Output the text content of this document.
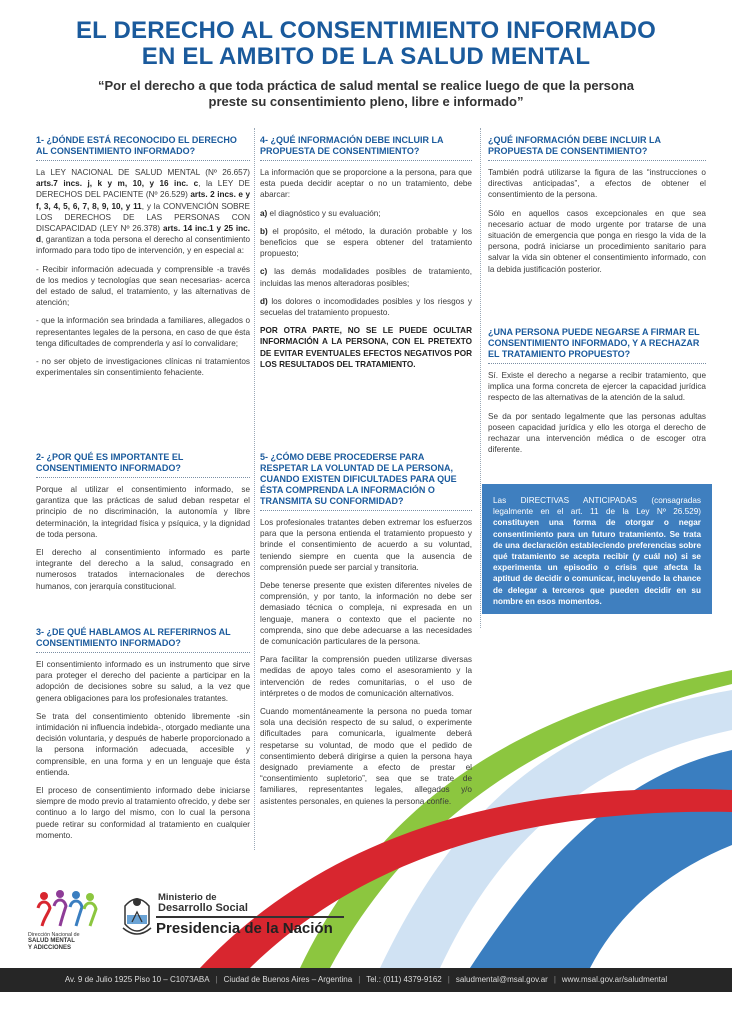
EL DERECHO AL CONSENTIMIENTO INFORMADO
EN EL AMBITO DE LA SALUD MENTAL

“Por el derecho a que toda práctica de salud mental se realice luego de que la persona preste su consentimiento pleno, libre e informado”

1- ¿DÓNDE ESTÁ RECONOCIDO EL DERECHO AL CONSENTIMIENTO INFORMADO?

La LEY NACIONAL DE SALUD MENTAL (Nº 26.657) arts.7 incs. j, k y m, 10, y 16 inc. c, la LEY DE DERECHOS DEL PACIENTE (Nº 26.529) arts. 2 incs. e y f, 3, 4, 5, 6, 7, 8, 9, 10, y 11, y la CONVENCIÓN SOBRE LOS DERECHOS DE LAS PERSONAS CON DISCAPACIDAD (LEY Nº 26.378) arts. 14 inc.1 y 25 inc. d, garantizan a toda persona el derecho al consentimiento informado para todo tipo de intervención, y en especial a:

- Recibir información adecuada y comprensible -a través de los medios y tecnologías que sean necesarias- acerca del estado de salud, el tratamiento, y las alternativas de atención;

- que la información sea brindada a familiares, allegados o representantes legales de la persona, en caso de que ésta tenga dificultades de comprenderla y así lo convalidare;

- no ser objeto de investigaciones clínicas ni tratamientos experimentales sin consentimiento fehaciente.

2- ¿POR QUÉ ES IMPORTANTE EL CONSENTIMIENTO INFORMADO?

Porque al utilizar el consentimiento informado, se garantiza que las prácticas de salud deban respetar el principio de no discriminación, la autonomía y libre determinación, la integridad física y psíquica, y la dignidad de toda persona.

El derecho al consentimiento informado es parte integrante del derecho a la salud, consagrado en numerosos tratados internacionales de derechos humanos, con jerarquía constitucional.

3- ¿DE QUÉ HABLAMOS AL REFERIRNOS AL CONSENTIMIENTO INFORMADO?

El consentimiento informado es un instrumento que sirve para proteger el derecho del paciente a participar en la adopción de decisiones sobre su salud, a la vez que genera obligaciones para los profesionales tratantes.

Se trata del consentimiento obtenido libremente -sin intimidación ni influencia indebida-, otorgado mediante una decisión voluntaria, y después de haberle proporcionado a la persona información adecuada, accesible y comprensible, en una forma y en un lenguaje que ésta entienda.

El proceso de consentimiento informado debe iniciarse siempre de modo previo al tratamiento ofrecido, y debe ser continuo a lo largo del mismo, con lo cual la persona puede retirar su conformidad al tratamiento en cualquier momento.

4- ¿QUÉ INFORMACIÓN DEBE INCLUIR LA PROPUESTA DE CONSENTIMIENTO?

La información que se proporcione a la persona, para que esta pueda decidir aceptar o no un tratamiento, debe abarcar:

a) el diagnóstico y su evaluación;

b) el propósito, el método, la duración probable y los beneficios que se espera obtener del tratamiento propuesto;

c) las demás modalidades posibles de tratamiento, incluidas las menos alteradoras posibles;

d) los dolores o incomodidades posibles y los riesgos y secuelas del tratamiento propuesto.

POR OTRA PARTE, NO SE LE PUEDE OCULTAR INFORMACIÓN A LA PERSONA, CON EL PRETEXTO DE EVITAR EVENTUALES EFECTOS NEGATIVOS POR LOS RESULTADOS DEL TRATAMIENTO.

5- ¿CÓMO DEBE PROCEDERSE PARA RESPETAR LA VOLUNTAD DE LA PERSONA, CUANDO EXISTEN DIFICULTADES PARA QUE ÉSTA COMPRENDA LA INFORMACIÓN O TRANSMITA SU CONFORMIDAD?

Los profesionales tratantes deben extremar los esfuerzos para que la persona entienda el tratamiento propuesto y brinde el consentimiento de acuerdo a su voluntad, teniendo siempre en cuenta que la ausencia de comprensión puede ser parcial y transitoria.

Debe tenerse presente que existen diferentes niveles de comprensión, y por tanto, la información no debe ser demasiado técnica o compleja, ni expresada en un lenguaje, manera o contexto que el paciente no comprenda, sino que debe adecuarse a las necesidades de comunicación particulares de la persona.

Para facilitar la comprensión pueden utilizarse diversas medidas de apoyo tales como el asesoramiento y la intervención de redes comunitarias, o el uso de intérpretes o de modos de comunicación alternativos.

Cuando momentáneamente la persona no pueda tomar sola una decisión respecto de su salud, o experimente dificultades para comunicarla, igualmente deberá respetarse su voluntad, de modo que el pedido de consentimiento deberá dirigirse a quien la persona haya designado previamente a efecto de prestar el “consentimiento supletorio”, sea que se trate de familiares, representantes legales, allegados y/o asistentes personales, en quienes la persona confíe.

¿QUÉ INFORMACIÓN DEBE INCLUIR LA PROPUESTA DE CONSENTIMIENTO?

También podrá utilizarse la figura de las “instrucciones o directivas anticipadas”, a efectos de obtener el consentimiento de la persona.

Sólo en aquellos casos excepcionales en que sea necesario actuar de modo urgente por tratarse de una situación de emergencia que ponga en riesgo la vida de la persona, podrá iniciarse un procedimiento sanitario para salvar la vida sin obtener el consentimiento informado, con la debida justificación posterior.

¿UNA PERSONA PUEDE NEGARSE A FIRMAR EL CONSENTIMIENTO INFORMADO, Y A RECHAZAR EL TRATAMIENTO PROPUESTO?

Sí. Existe el derecho a negarse a recibir tratamiento, que implica una forma concreta de ejercer la capacidad jurídica respecto de las alternativas de la atención de la salud.

Se da por sentado legalmente que las personas adultas poseen capacidad jurídica y ello les otorga el derecho de rechazar una intervención médica o de escoger otra diferente.

Las DIRECTIVAS ANTICIPADAS (consagradas legalmente en el art. 11 de la Ley Nº 26.529) constituyen una forma de otorgar o negar consentimiento para un futuro tratamiento. Se trata de una declaración estableciendo preferencias sobre qué tratamiento se acepta recibir (y cuál no) si se experimenta un episodio o crisis que afecta la aptitud de decidir o comunicar, incluyendo la chance de delegar a terceros que pueden decidir en su nombre en esos momentos.
Dirección Nacional de
SALUD MENTAL
Y ADICCIONES
Ministerio de
Desarrollo Social
Presidencia de la Nación
Av. 9 de Julio 1925 Piso 10 – C1073ABA | Ciudad de Buenos Aires – Argentina | Tel.: (011) 4379-9162 | saludmental@msal.gov.ar | www.msal.gov.ar/saludmental
